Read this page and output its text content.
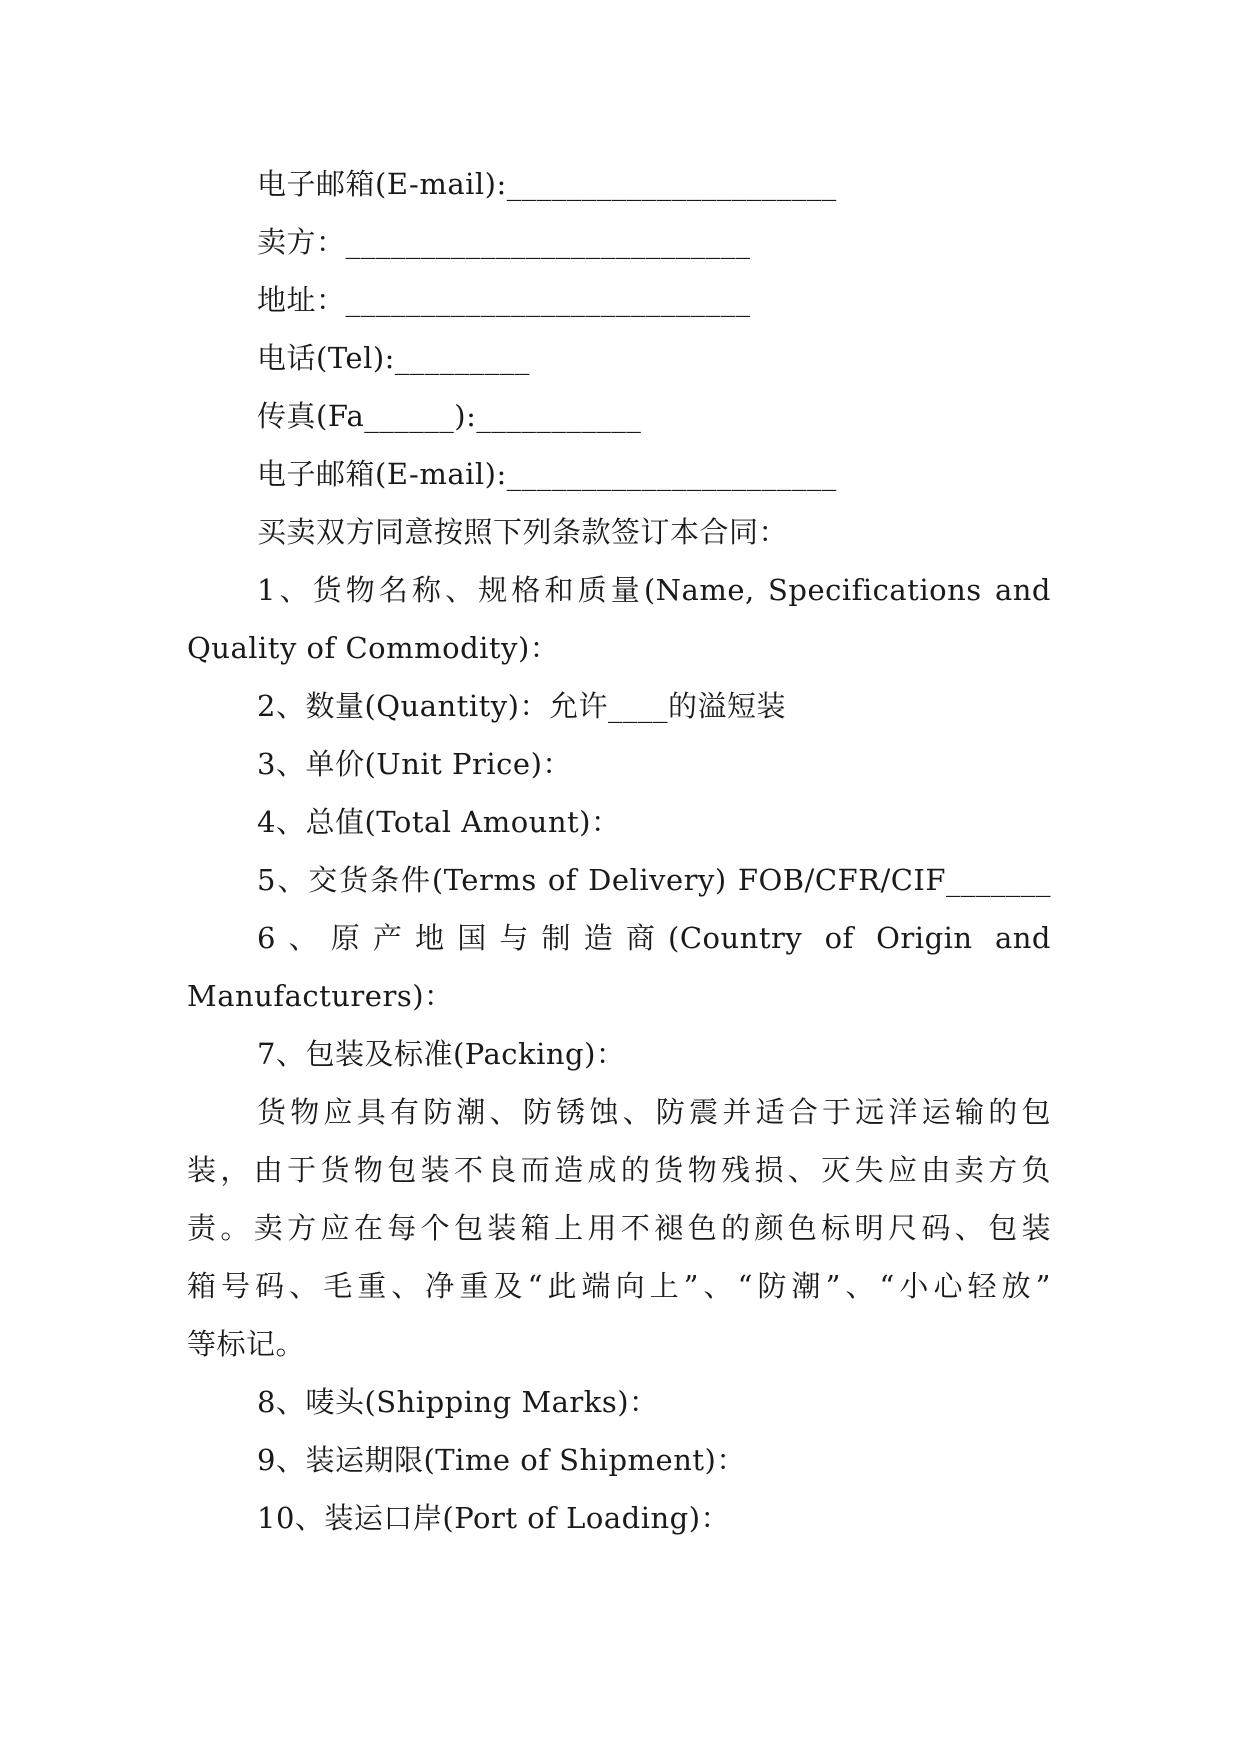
电子邮箱(E-mail):______________________
卖方：___________________________
地址：___________________________
电话(Tel):_________
传真(Fa______):___________
电子邮箱(E-mail):______________________
买卖双方同意按照下列条款签订本合同：
1、货物名称、规格和质量(Name, Specifications and
Quality of Commodity)：
2、数量(Quantity)：允许____的溢短装
3、单价(Unit Price)：
4、总值(Total Amount)：
5、交货条件(Terms of Delivery) FOB/CFR/CIF_______
6、原产地国与制造商(Country of Origin and
Manufacturers)：
7、包装及标准(Packing)：
货物应具有防潮、防锈蚀、防震并适合于远洋运输的包
装，由于货物包装不良而造成的货物残损、灭失应由卖方负
责。卖方应在每个包装箱上用不褪色的颜色标明尺码、包装
箱号码、毛重、净重及“此端向上”、“防潮”、“小心轻放”
等标记。
8、唛头(Shipping Marks)：
9、装运期限(Time of Shipment)：
10、装运口岸(Port of Loading)：
